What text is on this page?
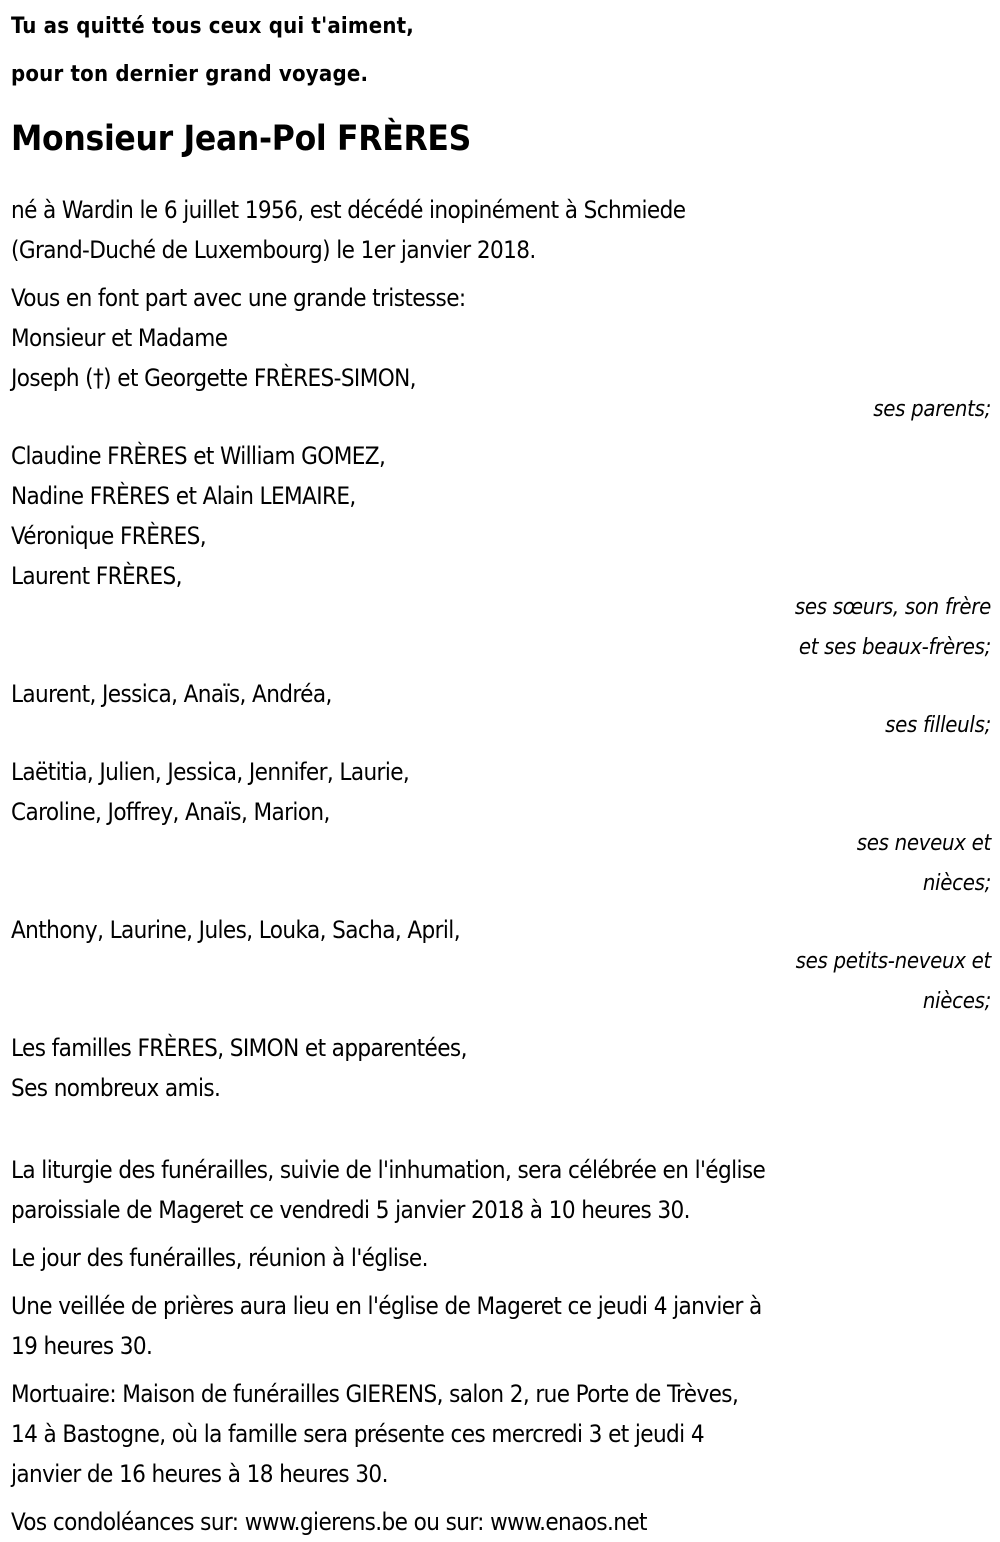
Tu as quitté tous ceux qui t'aiment,
pour ton dernier grand voyage.
Monsieur Jean-Pol FRÈRES
né à Wardin le 6 juillet 1956, est décédé inopinément à Schmiede
(Grand-Duché de Luxembourg) le 1er janvier 2018.
Vous en font part avec une grande tristesse:
Monsieur et Madame
Joseph (†) et Georgette FRÈRES-SIMON,
ses parents;
Claudine FRÈRES et William GOMEZ,
Nadine FRÈRES et Alain LEMAIRE,
Véronique FRÈRES,
Laurent FRÈRES,
ses sœurs, son frère
et ses beaux-frères;
Laurent, Jessica, Anaïs, Andréa,
ses filleuls;
Laëtitia, Julien, Jessica, Jennifer, Laurie,
Caroline, Joffrey, Anaïs, Marion,
ses neveux et
nièces;
Anthony, Laurine, Jules, Louka, Sacha, April,
ses petits-neveux et
nièces;
Les familles FRÈRES, SIMON et apparentées,
Ses nombreux amis.
La liturgie des funérailles, suivie de l'inhumation, sera célébrée en l'église
paroissiale de Mageret ce vendredi 5 janvier 2018 à 10 heures 30.
Le jour des funérailles, réunion à l'église.
Une veillée de prières aura lieu en l'église de Mageret ce jeudi 4 janvier à
19 heures 30.
Mortuaire: Maison de funérailles GIERENS, salon 2, rue Porte de Trèves,
14 à Bastogne, où la famille sera présente ces mercredi 3 et jeudi 4
janvier de 16 heures à 18 heures 30.
Vos condoléances sur: www.gierens.be ou sur: www.enaos.net
